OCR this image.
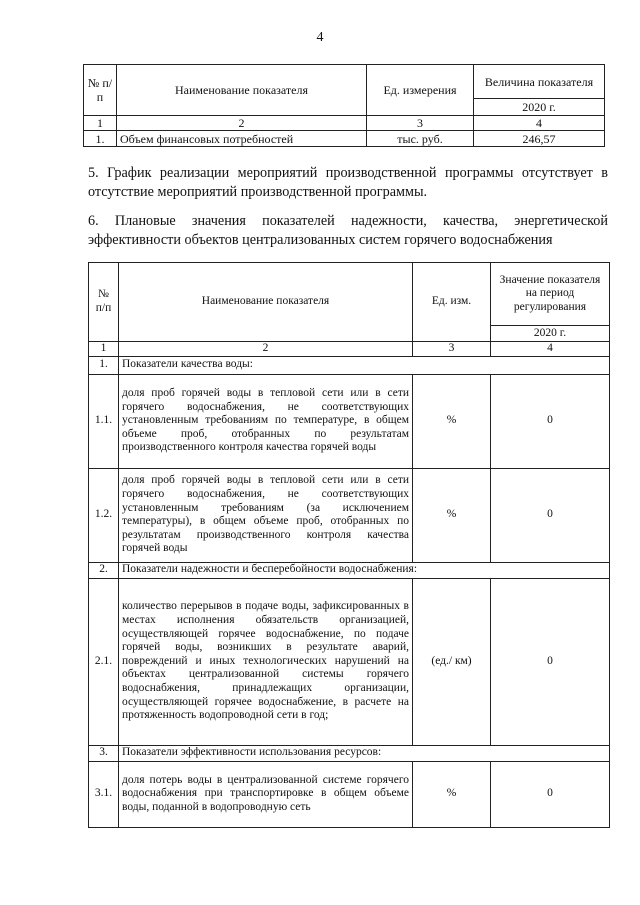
4
№ п/п	Наименование показателя	Ед. измерения	Величина показателя
			2020 г.
1	2	3	4
1.	Объем финансовых потребностей	тыс. руб.	246,57
5. График реализации мероприятий производственной программы отсутствует в отсутствие мероприятий производственной программы.
6. Плановые значения показателей надежности, качества, энергетической эффективности объектов централизованных систем горячего водоснабжения
№ п/п	Наименование показателя	Ед. изм.	Значение показателя на период регулирования
			2020 г.
1	2	3	4
1.	Показатели качества воды:		
1.1.	доля проб горячей воды в тепловой сети или в сети горячего водоснабжения, не соответствующих установленным требованиям по температуре, в общем объеме проб, отобранных по результатам производственного контроля качества горячей воды	%	0
1.2.	доля проб горячей воды в тепловой сети или в сети горячего водоснабжения, не соответствующих установленным требованиям (за исключением температуры), в общем объеме проб, отобранных по результатам производственного контроля качества горячей воды	%	0
2.	Показатели надежности и бесперебойности водоснабжения:		
2.1.	количество перерывов в подаче воды, зафиксированных в местах исполнения обязательств организацией, осуществляющей горячее водоснабжение, по подаче горячей воды, возникших в результате аварий, повреждений и иных технологических нарушений на объектах централизованной системы горячего водоснабжения, принадлежащих организации, осуществляющей горячее водоснабжение, в расчете на протяженность водопроводной сети в год;	(ед./ км)	0
3.	Показатели эффективности использования ресурсов:		
3.1.	доля потерь воды в централизованной системе горячего водоснабжения при транспортировке в общем объеме воды, поданной в водопроводную сеть	%	0
